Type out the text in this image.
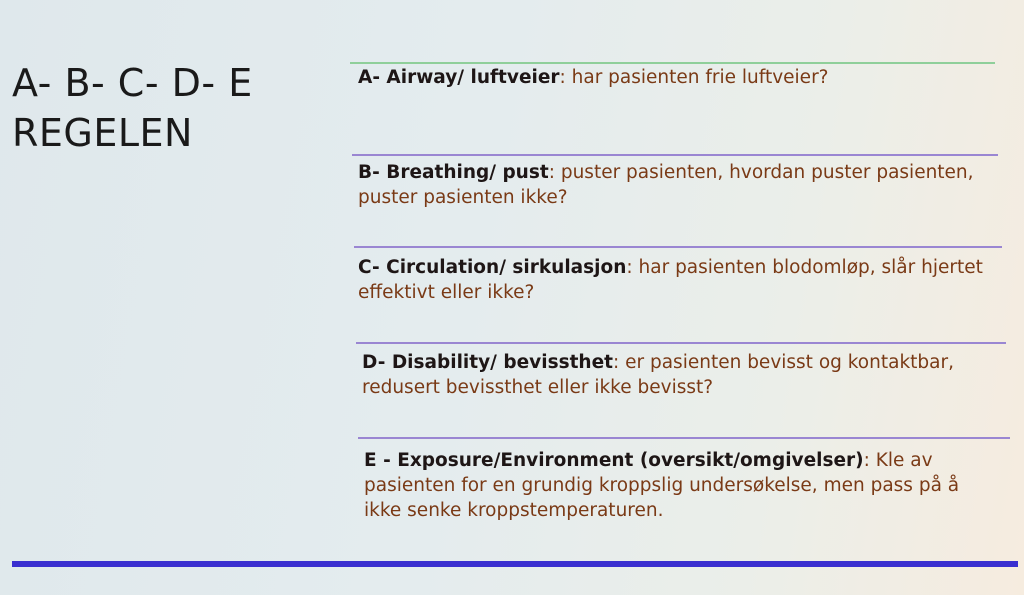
A- B- C- D- E
REGELEN
A- Airway/ luftveier: har pasienten frie luftveier?
B- Breathing/ pust: puster pasienten, hvordan puster pasienten, puster pasienten ikke?
C- Circulation/ sirkulasjon: har pasienten blodomløp, slår hjertet effektivt eller ikke?
D- Disability/ bevissthet: er pasienten bevisst og kontaktbar, redusert bevissthet eller ikke bevisst?
E - Exposure/Environment (oversikt/omgivelser): Kle av pasienten for en grundig kroppslig undersøkelse, men pass på å ikke senke kroppstemperaturen.
